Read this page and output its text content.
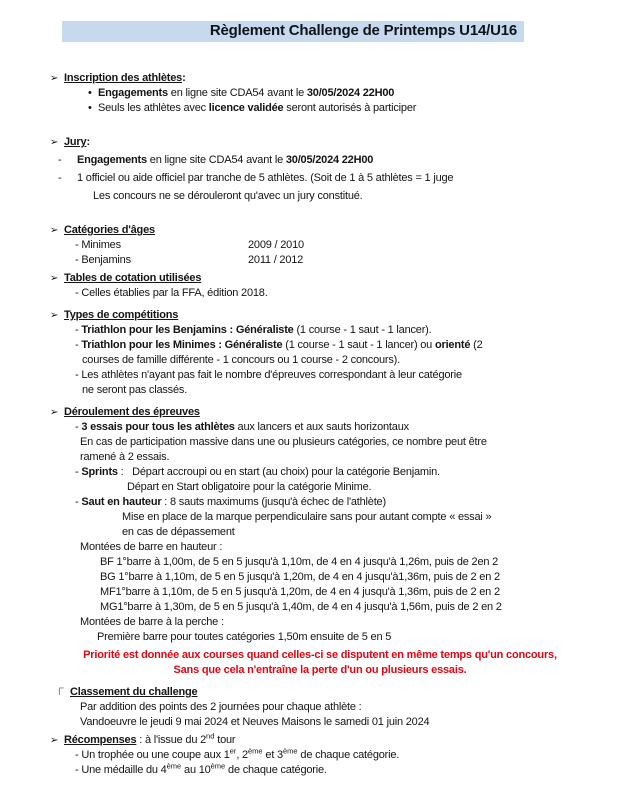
Règlement Challenge de Printemps U14/U16
➢ Inscription des athlètes:
• Engagements en ligne site CDA54 avant le 30/05/2024 22H00
• Seuls les athlètes avec licence validée seront autorisés à participer
➢ Jury:
- Engagements en ligne site CDA54 avant le 30/05/2024 22H00
- 1 officiel ou aide officiel par tranche de 5 athlètes. (Soit de 1 à 5 athlètes = 1 juge
Les concours ne se dérouleront qu'avec un jury constitué.
➢ Catégories d'âges
- Minimes	2009 / 2010
- Benjamins	2011 / 2012
➢ Tables de cotation utilisées
- Celles établies par la FFA, édition 2018.
➢ Types de compétitions
- Triathlon pour les Benjamins : Généraliste (1 course - 1 saut - 1 lancer).
- Triathlon pour les Minimes : Généraliste (1 course - 1 saut - 1 lancer) ou orienté (2
courses de famille différente - 1 concours ou 1 course - 2 concours).
- Les athlètes n'ayant pas fait le nombre d'épreuves correspondant à leur catégorie
ne seront pas classés.
➢ Déroulement des épreuves
- 3 essais pour tous les athlètes aux lancers et aux sauts horizontaux
En cas de participation massive dans une ou plusieurs catégories, ce nombre peut être
ramené à 2 essais.
- Sprints :   Départ accroupi ou en start (au choix) pour la catégorie Benjamin.
Départ en Start obligatoire pour la catégorie Minime.
- Saut en hauteur : 8 sauts maximums (jusqu'à échec de l'athlète)
Mise en place de la marque perpendiculaire sans pour autant compte « essai »
en cas de dépassement
Montées de barre en hauteur :
BF 1°barre à 1,00m, de 5 en 5 jusqu'à 1,10m, de 4 en 4 jusqu'à 1,26m, puis de 2en 2
BG 1°barre à 1,10m, de 5 en 5 jusqu'à 1,20m, de 4 en 4 jusqu'à1,36m, puis de 2 en 2
MF1°barre à 1,10m, de 5 en 5 jusqu'à 1,20m, de 4 en 4 jusqu'à 1,36m, puis de 2 en 2
MG1°barre à 1,30m, de 5 en 5 jusqu'à 1,40m, de 4 en 4 jusqu'à 1,56m, puis de 2 en 2
Montées de barre à la perche :
Première barre pour toutes catégories 1,50m ensuite de 5 en 5
Priorité est donnée aux courses quand celles-ci se disputent en même temps qu'un concours,
Sans que cela n'entraîne la perte d'un ou plusieurs essais.
Γ Classement du challenge
Par addition des points des 2 journées pour chaque athlète :
Vandoeuvre le jeudi 9 mai 2024 et Neuves Maisons le samedi 01 juin 2024
➢ Récompenses : à l'issue du 2nd tour
- Un trophée ou une coupe aux 1er, 2ème et 3ème de chaque catégorie.
- Une médaille du 4ème au 10ème de chaque catégorie.
